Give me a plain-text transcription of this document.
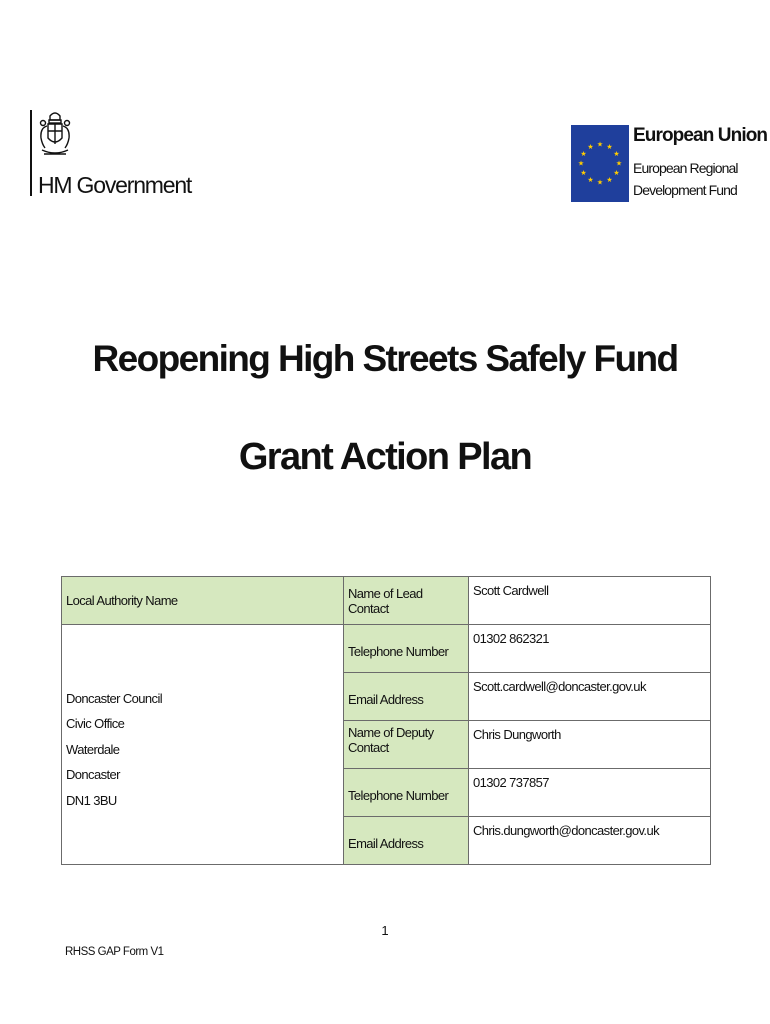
HM Government
★ ★
★
★
★
★
★
★
★
★
★
★
European Union
European Regional
Development Fund
Reopening High Streets Safely Fund
Grant Action Plan
Local Authority Name	Name of Lead Contact	Scott Cardwell

Doncaster Council
Civic Office
Waterdale
Doncaster
DN1 3BU	Telephone Number	01302 862321
	Email Address	Scott.cardwell@doncaster.gov.uk
	Name of Deputy Contact	Chris Dungworth
	Telephone Number	01302 737857
	Email Address	Chris.dungworth@doncaster.gov.uk
1
RHSS GAP Form V1
